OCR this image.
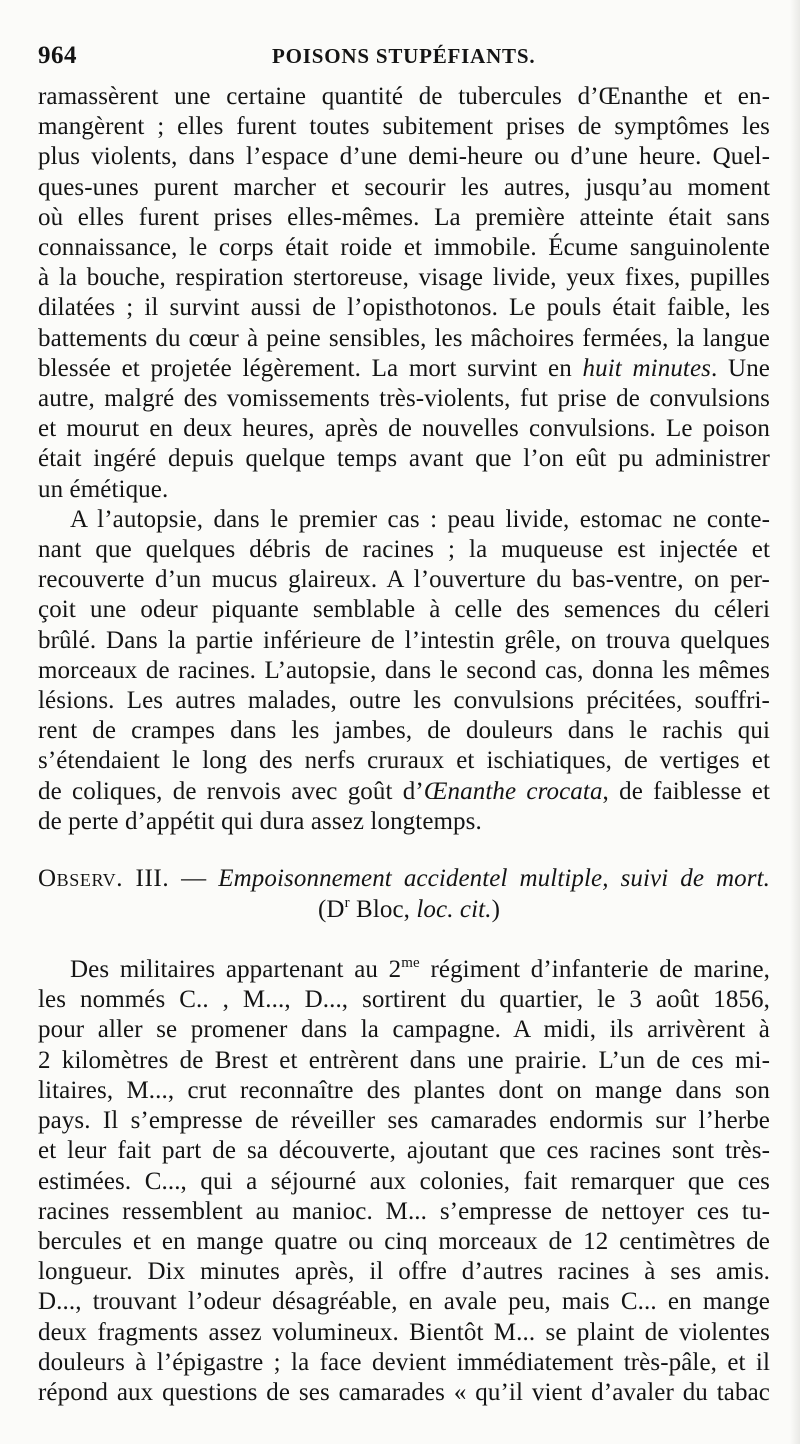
964	POISONS STUPÉFIANTS.

ramassèrent une certaine quantité de tubercules d’Œnanthe et en-
mangèrent ; elles furent toutes subitement prises de symptômes les
plus violents, dans l’espace d’une demi-heure ou d’une heure. Quel-
ques-unes purent marcher et secourir les autres, jusqu’au moment
où elles furent prises elles-mêmes. La première atteinte était sans
connaissance, le corps était roide et immobile. Écume sanguinolente
à la bouche, respiration stertoreuse, visage livide, yeux fixes, pupilles
dilatées ; il survint aussi de l’opisthotonos. Le pouls était faible, les
battements du cœur à peine sensibles, les mâchoires fermées, la langue
blessée et projetée légèrement. La mort survint en huit minutes. Une
autre, malgré des vomissements très-violents, fut prise de convulsions
et mourut en deux heures, après de nouvelles convulsions. Le poison
était ingéré depuis quelque temps avant que l’on eût pu administrer
un émétique.

A l’autopsie, dans le premier cas : peau livide, estomac ne conte-
nant que quelques débris de racines ; la muqueuse est injectée et
recouverte d’un mucus glaireux. A l’ouverture du bas-ventre, on per-
çoit une odeur piquante semblable à celle des semences du céleri
brûlé. Dans la partie inférieure de l’intestin grêle, on trouva quelques
morceaux de racines. L’autopsie, dans le second cas, donna les mêmes
lésions. Les autres malades, outre les convulsions précitées, souffri-
rent de crampes dans les jambes, de douleurs dans le rachis qui
s’étendaient le long des nerfs cruraux et ischiatiques, de vertiges et
de coliques, de renvois avec goût d’Œnanthe crocata, de faiblesse et
de perte d’appétit qui dura assez longtemps.

Observ. III. — Empoisonnement accidentel multiple, suivi de mort.
($D^r$ Bloc, loc. cit.)

Des militaires appartenant au $2^{me}$ régiment d’infanterie de marine,
les nommés C.. , M..., D..., sortirent du quartier, le 3 août 1856,
pour aller se promener dans la campagne. A midi, ils arrivèrent à
2 kilomètres de Brest et entrèrent dans une prairie. L’un de ces mi-
litaires, M..., crut reconnaître des plantes dont on mange dans son
pays. Il s’empresse de réveiller ses camarades endormis sur l’herbe
et leur fait part de sa découverte, ajoutant que ces racines sont très-
estimées. C..., qui a séjourné aux colonies, fait remarquer que ces
racines ressemblent au manioc. M... s’empresse de nettoyer ces tu-
bercules et en mange quatre ou cinq morceaux de 12 centimètres de
longueur. Dix minutes après, il offre d’autres racines à ses amis.
D..., trouvant l’odeur désagréable, en avale peu, mais C... en mange
deux fragments assez volumineux. Bientôt M... se plaint de violentes
douleurs à l’épigastre ; la face devient immédiatement très-pâle, et il
répond aux questions de ses camarades « qu’il vient d’avaler du tabac
